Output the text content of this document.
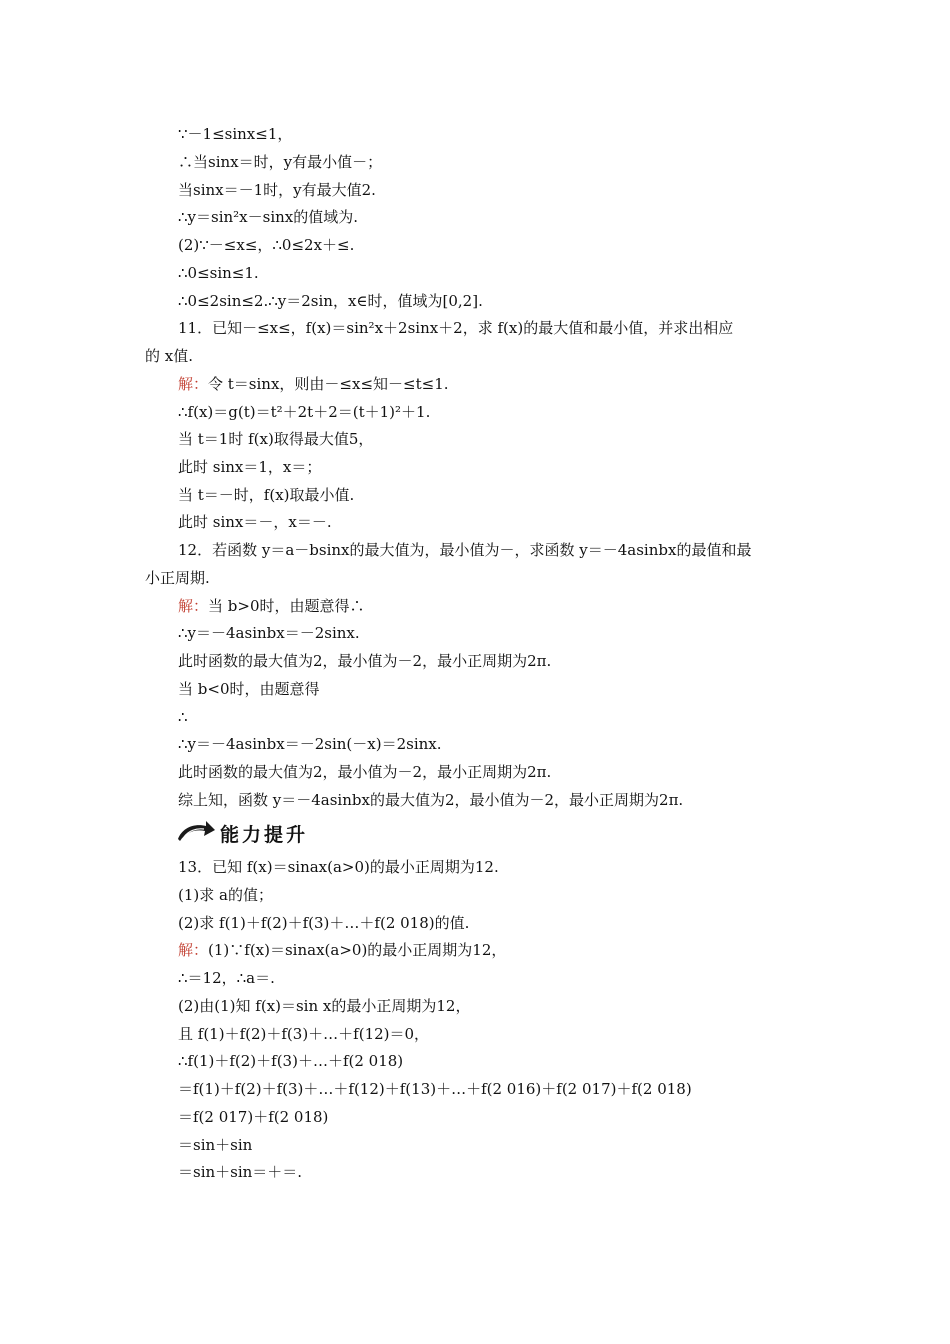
∵－1≤sinx≤1，
∴当sinx＝时，y有最小值－；
当sinx＝－1时，y有最大值2.
∴y＝sin²x－sinx的值域为.
(2)∵－≤x≤，∴0≤2x＋≤.
∴0≤sin≤1.
∴0≤2sin≤2.∴y＝2sin，x∈时，值域为[0,2].
11．已知－≤x≤，f(x)＝sin²x＋2sinx＋2，求 f(x)的最大值和最小值，并求出相应
的 x值.
解：令 t＝sinx，则由－≤x≤知－≤t≤1.
∴f(x)＝g(t)＝t²＋2t＋2＝(t＋1)²＋1.
当 t＝1时 f(x)取得最大值5，
此时 sinx＝1，x＝；
当 t＝－时，f(x)取最小值.
此时 sinx＝－，x＝－.
12．若函数 y＝a－bsinx的最大值为，最小值为－，求函数 y＝－4asinbx的最值和最
小正周期.
解：当 b>0时，由题意得∴
∴y＝－4asinbx＝－2sinx.
此时函数的最大值为2，最小值为－2，最小正周期为2π.
当 b<0时，由题意得
∴
∴y＝－4asinbx＝－2sin(－x)＝2sinx.
此时函数的最大值为2，最小值为－2，最小正周期为2π.
综上知，函数 y＝－4asinbx的最大值为2，最小值为－2，最小正周期为2π.
能力提升
13．已知 f(x)＝sinax(a>0)的最小正周期为12.
(1)求 a的值；
(2)求 f(1)＋f(2)＋f(3)＋…＋f(2 018)的值.
解：(1)∵f(x)＝sinax(a>0)的最小正周期为12，
∴＝12，∴a＝.
(2)由(1)知 f(x)＝sin x的最小正周期为12，
且 f(1)＋f(2)＋f(3)＋…＋f(12)＝0，
∴f(1)＋f(2)＋f(3)＋…＋f(2 018)
＝f(1)＋f(2)＋f(3)＋…＋f(12)＋f(13)＋…＋f(2 016)＋f(2 017)＋f(2 018)
＝f(2 017)＋f(2 018)
＝sin＋sin
＝sin＋sin＝＋＝.
